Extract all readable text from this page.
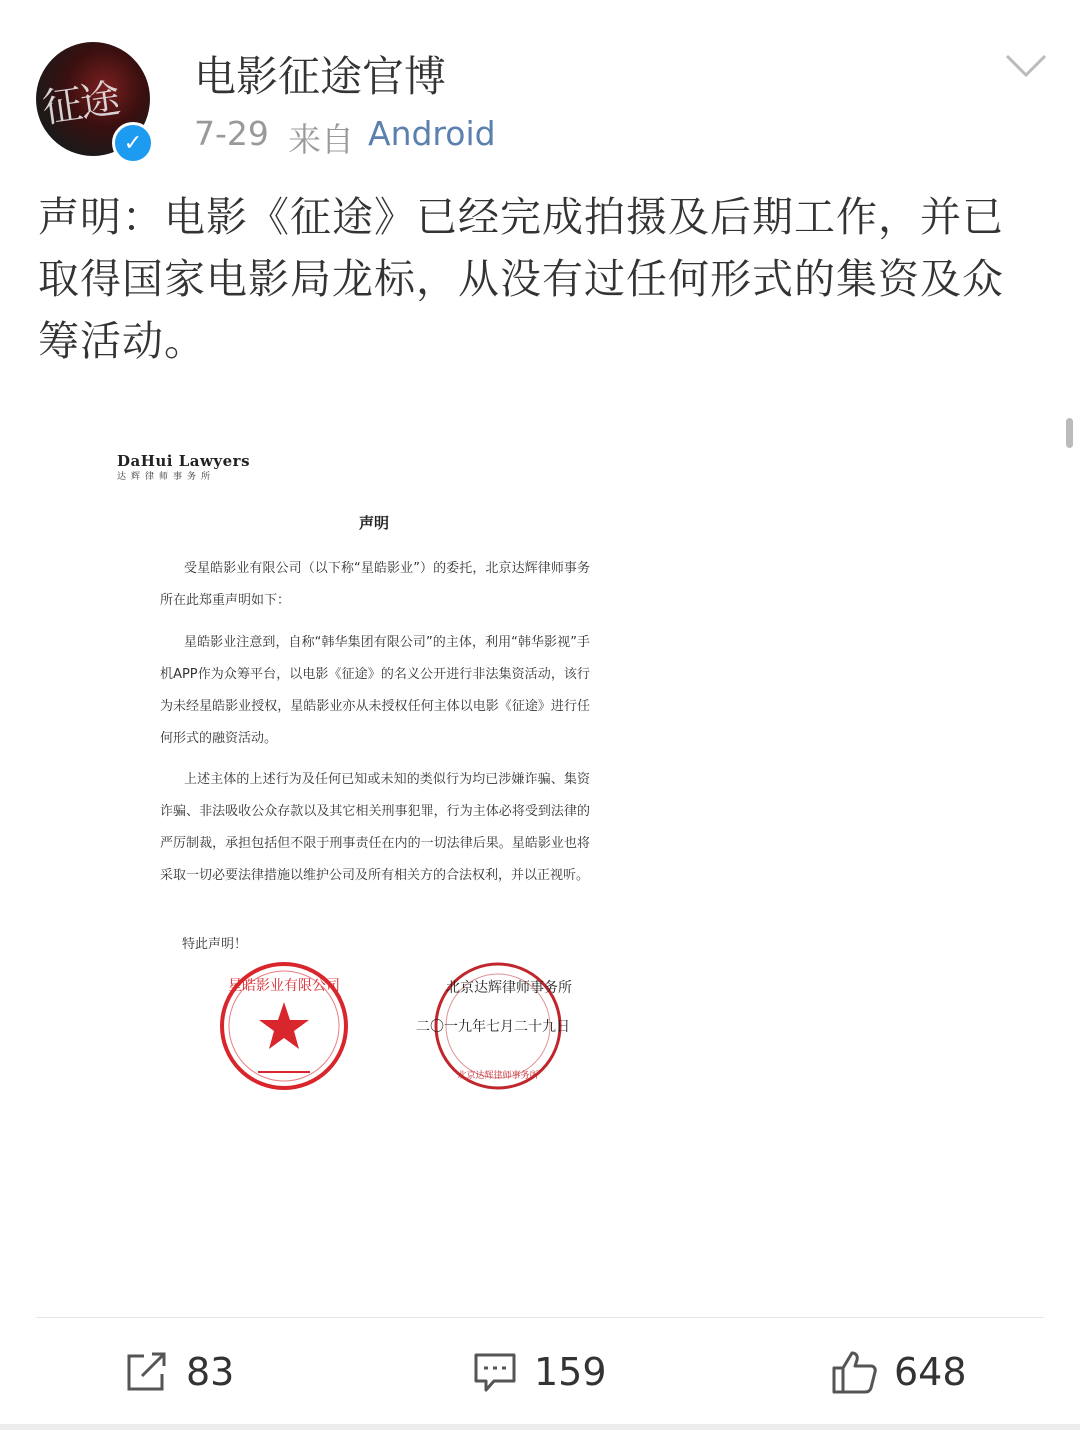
征途
✓
电影征途官博
7-29 来自 Android
声明：电影《征途》已经完成拍摄及后期工作，并已取得国家电影局龙标，从没有过任何形式的集资及众筹活动。
DaHui Lawyers
达辉律师事务所
声明
受星皓影业有限公司（以下称“星皓影业”）的委托，北京达辉律师事务所在此郑重声明如下：
星皓影业注意到，自称“韩华集团有限公司”的主体，利用“韩华影视”手机APP作为众筹平台，以电影《征途》的名义公开进行非法集资活动，该行为未经星皓影业授权，星皓影业亦从未授权任何主体以电影《征途》进行任何形式的融资活动。
上述主体的上述行为及任何已知或未知的类似行为均已涉嫌诈骗、集资诈骗、非法吸收公众存款以及其它相关刑事犯罪，行为主体必将受到法律的严厉制裁，承担包括但不限于刑事责任在内的一切法律后果。星皓影业也将采取一切必要法律措施以维护公司及所有相关方的合法权利，并以正视听。
特此声明！
星皓影业有限公司
北京达辉律师事务所
北京达辉律师事务所
二〇一九年七月二十九日
83	159	648
